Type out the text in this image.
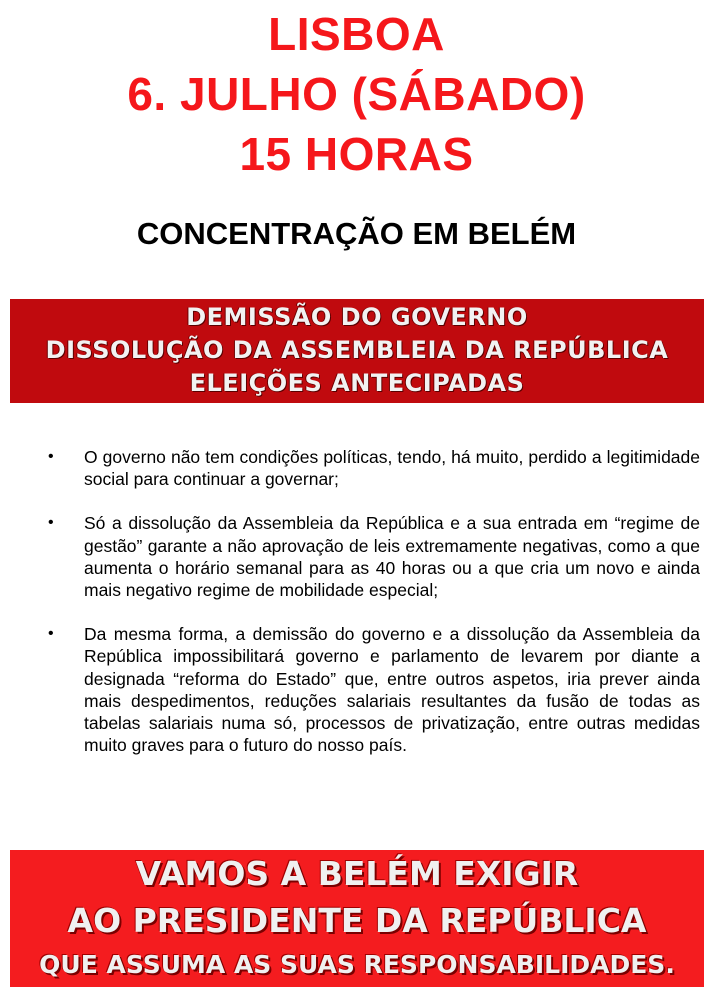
LISBOA
6. JULHO (SÁBADO)
15 HORAS
CONCENTRAÇÃO EM BELÉM
DEMISSÃO DO GOVERNO
DISSOLUÇÃO DA ASSEMBLEIA DA REPÚBLICA
ELEIÇÕES ANTECIPADAS
• O governo não tem condições políticas, tendo, há muito, perdido a legitimidade social para continuar a governar;
• Só a dissolução da Assembleia da República e a sua entrada em “regime de gestão” garante a não aprovação de leis extremamente negativas, como a que aumenta o horário semanal para as 40 horas ou a que cria um novo e ainda mais negativo regime de mobilidade especial;
• Da mesma forma, a demissão do governo e a dissolução da Assembleia da República impossibilitará governo e parlamento de levarem por diante a designada “reforma do Estado” que, entre outros aspetos, iria prever ainda mais despedimentos, reduções salariais resultantes da fusão de todas as tabelas salariais numa só, processos de privatização, entre outras medidas muito graves para o futuro do nosso país.
VAMOS A BELÉM EXIGIR
AO PRESIDENTE DA REPÚBLICA
QUE ASSUMA AS SUAS RESPONSABILIDADES.
